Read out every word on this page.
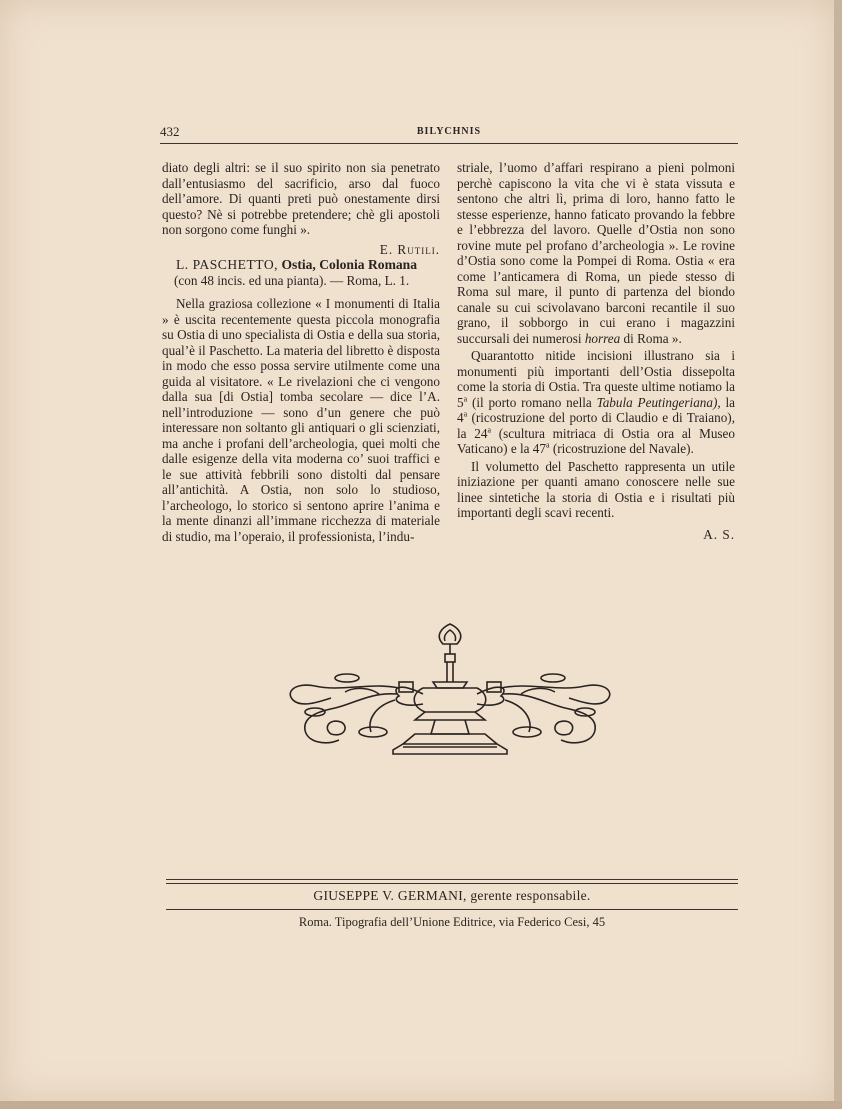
432	BILYCHNIS

diato degli altri: se il suo spirito non sia penetrato dall’entusiasmo del sacrificio, arso dal fuoco dell’amore. Di quanti preti può onestamente dirsi questo? Nè si potrebbe pretendere; chè gli apostoli non sorgono come funghi ».

E. Rutili.

L. PASCHETTO, Ostia, Colonia Romana

(con 48 incis. ed una pianta). — Roma, L. 1.

Nella graziosa collezione « I monumenti di Italia » è uscita recentemente questa piccola monografia su Ostia di uno specialista di Ostia e della sua storia, qual’è il Paschetto. La materia del libretto è disposta in modo che esso possa servire utilmente come una guida al visitatore. « Le rivelazioni che ci vengono dalla sua [di Ostia] tomba secolare — dice l’A. nell’introduzione — sono d’un genere che può interessare non soltanto gli antiquari o gli scienziati, ma anche i profani dell’archeologia, quei molti che dalle esigenze della vita moderna co’ suoi traffici e le sue attività febbrili sono distolti dal pensare all’antichità. A Ostia, non solo lo studioso, l’archeologo, lo storico si sentono aprire l’anima e la mente dinanzi all’immane ricchezza di materiale di studio, ma l’operaio, il professionista, l’indu-

striale, l’uomo d’affari respirano a pieni polmoni perchè capiscono la vita che vi è stata vissuta e sentono che altri lì, prima di loro, hanno fatto le stesse esperienze, hanno faticato provando la febbre e l’ebbrezza del lavoro. Quelle d’Ostia non sono rovine mute pel profano d’archeologia ». Le rovine d’Ostia sono come la Pompei di Roma. Ostia « era come l’anticamera di Roma, un piede stesso di Roma sul mare, il punto di partenza del biondo canale su cui scivolavano barconi recantile il suo grano, il sobborgo in cui erano i magazzini succursali dei numerosi horrea di Roma ».

Quarantotto nitide incisioni illustrano sia i monumenti più importanti dell’Ostia dissepolta come la storia di Ostia. Tra queste ultime notiamo la 5$^a$ (il porto romano nella Tabula Peutingeriana), la 4$^a$ (ricostruzione del porto di Claudio e di Traiano), la 24$^a$ (scultura mitriaca di Ostia ora al Museo Vaticano) e la 47$^a$ (ricostruzione del Navale).

Il volumetto del Paschetto rappresenta un utile iniziazione per quanti amano conoscere nelle sue linee sintetiche la storia di Ostia e i risultati più importanti degli scavi recenti.

A. S.
GIUSEPPE V. GERMANI, gerente responsabile.
Roma. Tipografia dell’Unione Editrice, via Federico Cesi, 45
